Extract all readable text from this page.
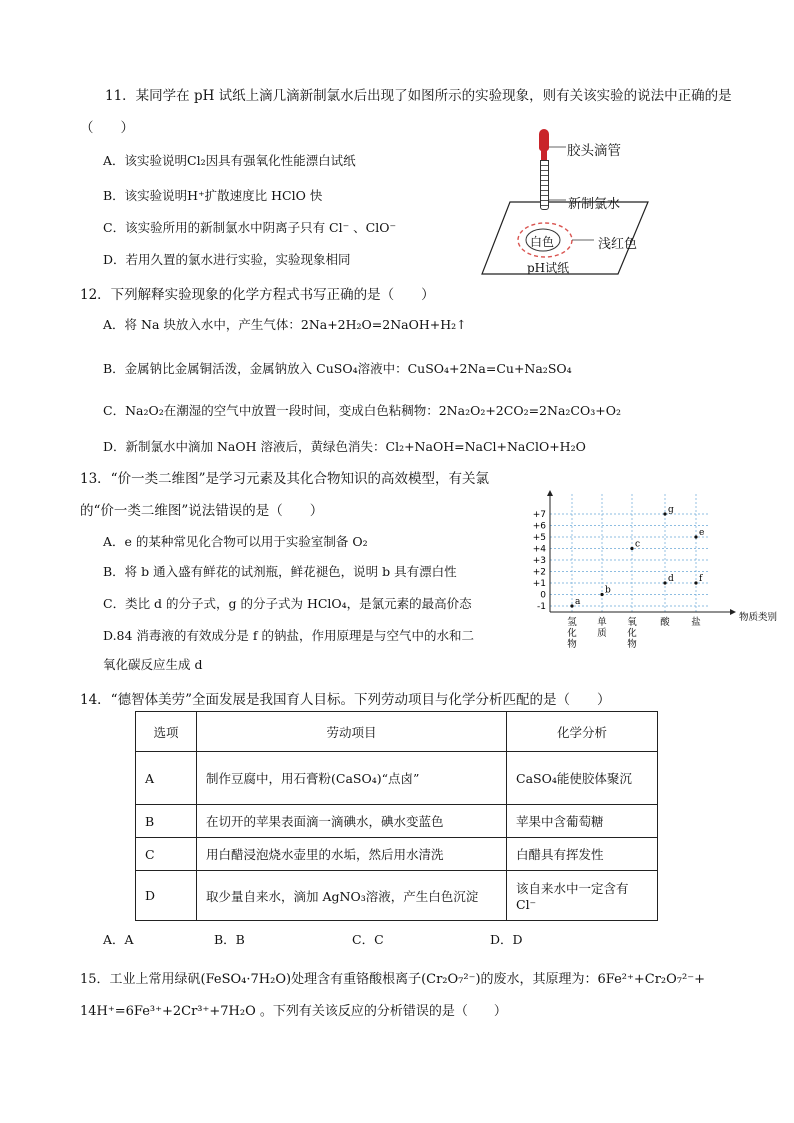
11．某同学在 pH 试纸上滴几滴新制氯水后出现了如图所示的实验现象，则有关该实验的说法中正确的是
（　　）
A．该实验说明Cl₂因具有强氧化性能漂白试纸
B．该实验说明H⁺扩散速度比 HClO 快
C．该实验所用的新制氯水中阴离子只有 Cl⁻ 、ClO⁻
D．若用久置的氯水进行实验，实验现象相同
胶头滴管
新制氯水
白色	浅红色
pH试纸
12．下列解释实验现象的化学方程式书写正确的是（　　）
A．将 Na 块放入水中，产生气体：2Na+2H₂O=2NaOH+H₂↑
B．金属钠比金属铜活泼，金属钠放入 CuSO₄溶液中：CuSO₄+2Na=Cu+Na₂SO₄
C．Na₂O₂在潮湿的空气中放置一段时间，变成白色粘稠物：2Na₂O₂+2CO₂=2Na₂CO₃+O₂
D．新制氯水中滴加 NaOH 溶液后，黄绿色消失：Cl₂+NaOH=NaCl+NaClO+H₂O
13．“价一类二维图”是学习元素及其化合物知识的高效模型，有关氯
的“价一类二维图”说法错误的是（　　）
A．e 的某种常见化合物可以用于实验室制备 O₂
B．将 b 通入盛有鲜花的试剂瓶，鲜花褪色，说明 b 具有漂白性
C．类比 d 的分子式，g 的分子式为 HClO₄，是氯元素的最高价态
D.84 消毒液的有效成分是 f 的钠盐，作用原理是与空气中的水和二
氧化碳反应生成 d
+7
+6
+5
+4
+3
+2
+1
0
-1
氢
化
物
单
质
氧
化
物
酸 盐
a
b
c
d
e
f
g
物质类别
14．“德智体美劳”全面发展是我国育人目标。下列劳动项目与化学分析匹配的是（　　）
选项	劳动项目	化学分析
A	制作豆腐中，用石膏粉(CaSO₄)“点卤”	CaSO₄能使胶体聚沉
B	在切开的苹果表面滴一滴碘水，碘水变蓝色	苹果中含葡萄糖
C	用白醋浸泡烧水壶里的水垢，然后用水清洗	白醋具有挥发性
D	取少量自来水，滴加 AgNO₃溶液，产生白色沉淀	该自来水中一定含有 Cl⁻
A．A	B．B	C．C	D．D
15．工业上常用绿矾(FeSO₄·7H₂O)处理含有重铬酸根离子(Cr₂O₇²⁻)的废水，其原理为：6Fe²⁺+Cr₂O₇²⁻+
14H⁺=6Fe³⁺+2Cr³⁺+7H₂O 。下列有关该反应的分析错误的是（　　）
